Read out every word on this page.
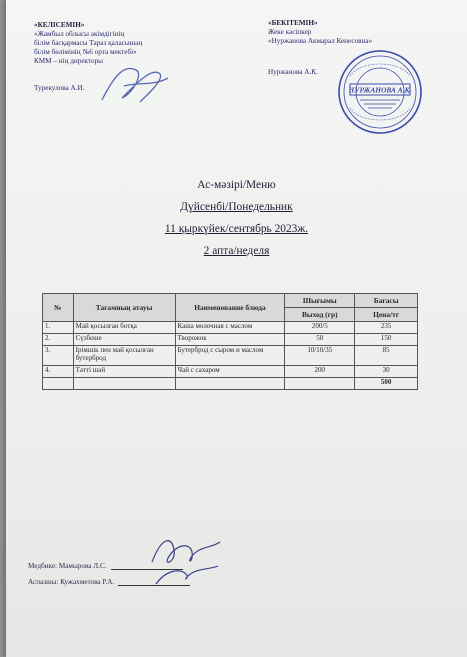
«КЕЛІСЕМІН»
«Жамбыл облысы әкімдігінің
білім басқармасы Тараз қаласының
білім бөлімінің №6 орта мектебі»
КММ – нің директоры
Турекулова А.И.
«БЕКІТЕМІН»
Жеке кәсіпкер
«Нуржанова Акмарал Кенесовна»
Нуржанова А.К.
НУРЖАНОВА А.К.
Ас-мәзірі/Меню
Дүйсенбі/Понедельник
11 қыркүйек/сентябрь 2023ж.
2 апта/неделя
№	Тағамның атауы	Наименование блюда	Шығымы	Бағасы
			Выход (гр)	Цена/тг
1.	Май қосылған ботқа	Каша молочная с маслом	200/5	235
2.	Сүзбеше	Творожок	50	150
3.	Ірімшік пен май қосылған бутерброд	Бутерброд с сыром и маслом	10/10/35	85
4.	Тәтті шәй	Чай с сахаром	200	30
				500
Медбике: Мамырова Л.С.
Аспазшы: Кужахметова Р.А.
